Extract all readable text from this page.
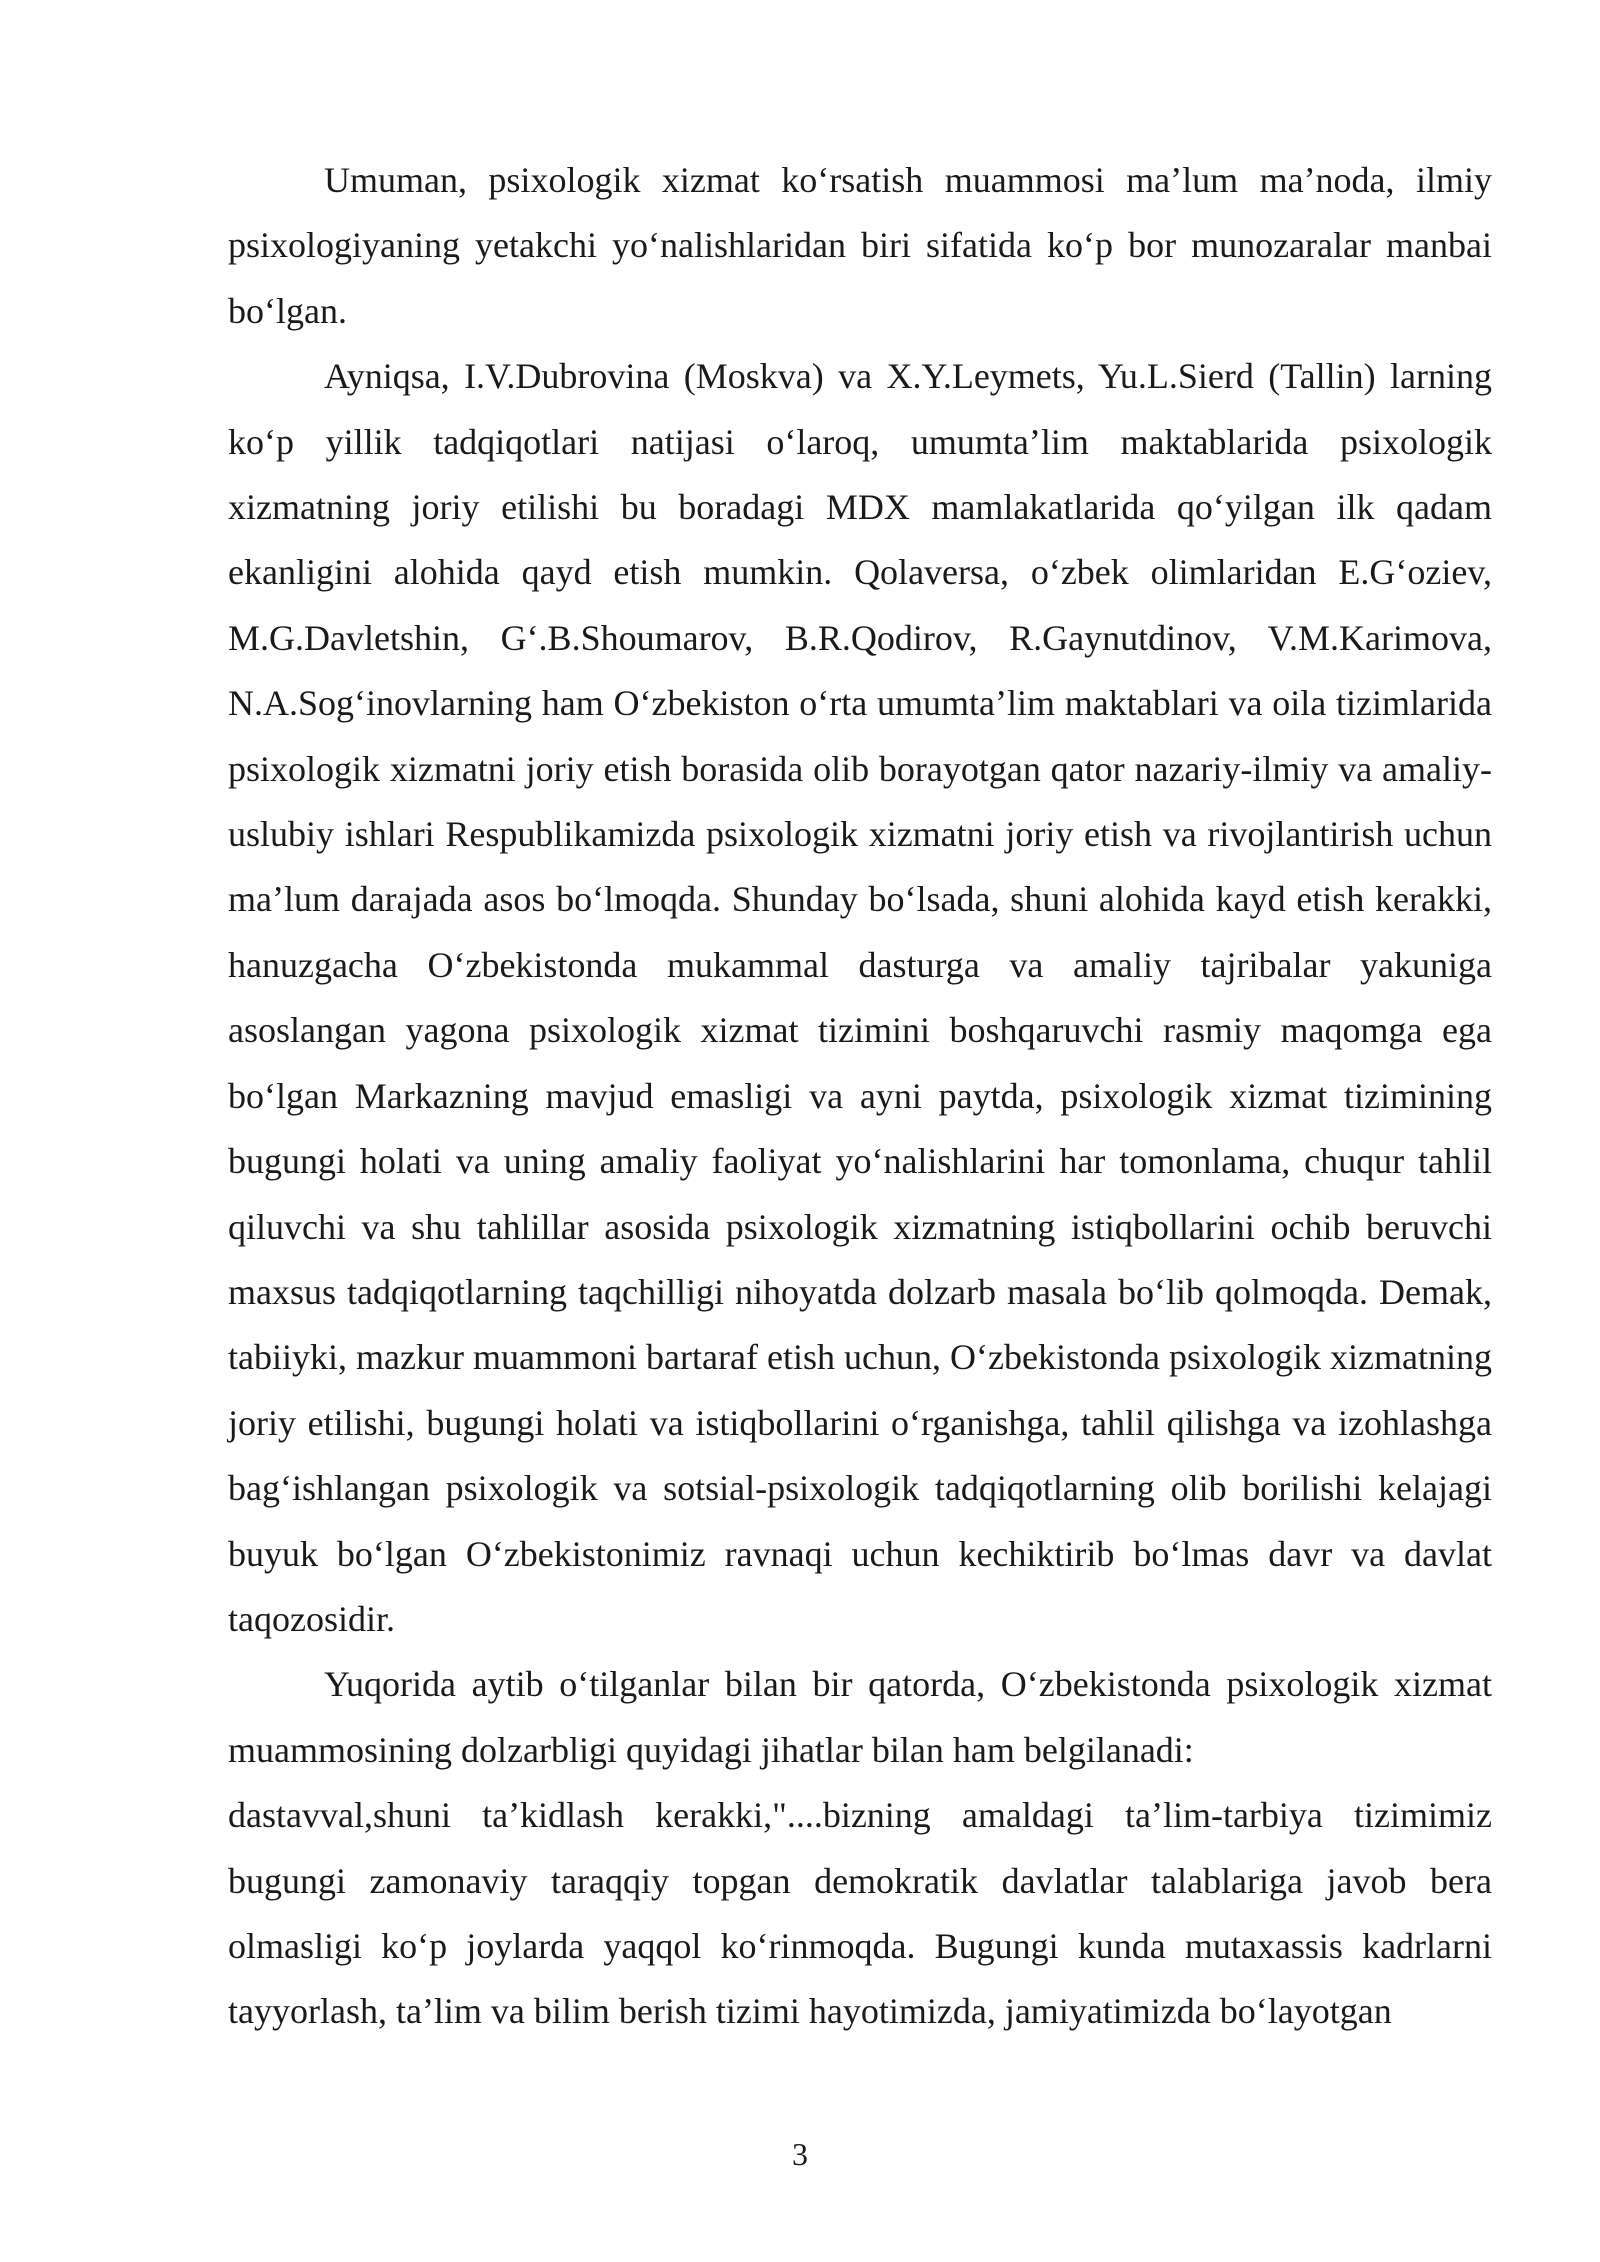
Umuman, psixologik xizmat koʻrsatish muammosi maʼlum maʼnoda, ilmiy psixologiyaning yetakchi yoʻnalishlaridan biri sifatida koʻp bor munozaralar manbai boʻlgan.

Ayniqsa, I.V.Dubrovina (Moskva) va X.Y.Leymets, Yu.L.Sierd (Tallin) larning koʻp yillik tadqiqotlari natijasi oʻlaroq, umumtaʼlim maktablarida psixologik xizmatning joriy etilishi bu boradagi MDX mamlakatlarida qoʻyilgan ilk qadam ekanligini alohida qayd etish mumkin. Qolaversa, oʻzbek olimlaridan E.Gʻoziev, M.G.Davletshin, Gʻ.B.Shoumarov, B.R.Qodirov, R.Gaynutdinov, V.M.Karimova, N.A.Sogʻinovlarning ham Oʻzbekiston oʻrta umumtaʼlim maktablari va oila tizimlarida psixologik xizmatni joriy etish borasida olib borayotgan qator nazariy-ilmiy va amaliy-uslubiy ishlari Respublikamizda psixologik xizmatni joriy etish va rivojlantirish uchun maʼlum darajada asos boʻlmoqda. Shunday boʻlsada, shuni alohida kayd etish kerakki, hanuzgacha Oʻzbekistonda mukammal dasturga va amaliy tajribalar yakuniga asoslangan yagona psixologik xizmat tizimini boshqaruvchi rasmiy maqomga ega boʻlgan Markazning mavjud emasligi va ayni paytda, psixologik xizmat tizimining bugungi holati va uning amaliy faoliyat yoʻnalishlarini har tomonlama, chuqur tahlil qiluvchi va shu tahlillar asosida psixologik xizmatning istiqbollarini ochib beruvchi maxsus tadqiqotlarning taqchilligi nihoyatda dolzarb masala boʻlib qolmoqda. Demak, tabiiyki, mazkur muammoni bartaraf etish uchun, Oʻzbekistonda psixologik xizmatning joriy etilishi, bugungi holati va istiqbollarini oʻrganishga, tahlil qilishga va izohlashga bagʻishlangan psixologik va sotsial-psixologik tadqiqotlarning olib borilishi kelajagi buyuk boʻlgan Oʻzbekistonimiz ravnaqi uchun kechiktirib boʻlmas davr va davlat taqozosidir.

Yuqorida aytib oʻtilganlar bilan bir qatorda, Oʻzbekistonda psixologik xizmat muammosining dolzarbligi quyidagi jihatlar bilan ham belgilanadi:

dastavval,shuni taʼkidlash kerakki,"....bizning amaldagi taʼlim-tarbiya tizimimiz bugungi zamonaviy taraqqiy topgan demokratik davlatlar talablariga javob bera olmasligi koʻp joylarda yaqqol koʻrinmoqda. Bugungi kunda mutaxassis kadrlarni tayyorlash, taʼlim va bilim berish tizimi hayotimizda, jamiyatimizda boʻlayotgan

3
